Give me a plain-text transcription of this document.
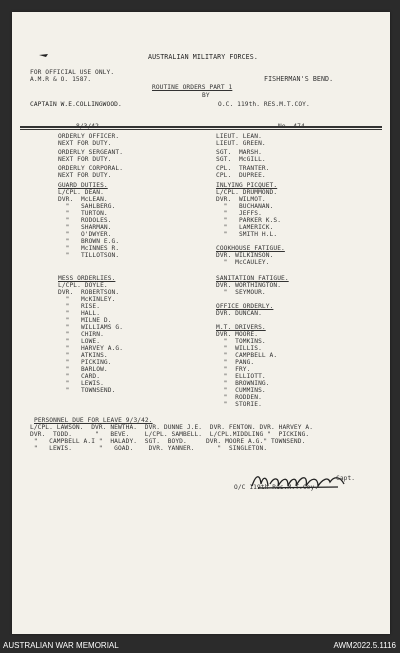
AUSTRALIAN MILITARY FORCES.
FOR OFFICIAL USE ONLY.
A.M.R & O. 1587.
ROUTINE ORDERS PART 1
BY
FISHERMAN'S BEND.
CAPTAIN W.E.COLLINGWOOD.	O.C. 119th. RES.M.T.COY.
ORDERLY OFFICER.
NEXT FOR DUTY.
ORDERLY SERGEANT.
NEXT FOR DUTY.
ORDERLY CORPORAL.
NEXT FOR DUTY.
GUARD DUTIES.
L/CPL. DEAN.
DVR.  McLEAN.
"   SAHLBERG.
"   TURTON.
"   RODOLES.
"   SHARMAN.
"   O'DWYER.
"   BROWN E.G.
"   McINNES R.
"   TILLOTSON.
MESS ORDERLIES.
L/CPL. DOYLE.
DVR.  ROBERTSON.
"   McKINLEY.
"   RISE.
"   HALL.
"   MILNE D.
"   WILLIAMS G.
"   CHIRN.
"   LOWE.
"   HARVEY A.G.
"   ATKINS.
"   PICKING.
"   BARLOW.
"   CARD.
"   LEWIS.
"   TOWNSEND.
LIEUT. LEAN.
LIEUT. GREEN.
SGT.  MARSH.
SGT.  McGILL.
CPL.  TRANTER.
CPL.  DUPREE.
INLYING PICQUET.
L/CPL. DRUMMOND.
DVR.  WILMOT.
"   BUCHANAN.
"   JEFFS.
"   PARKER K.S.
"   LAMERICK.
"   SMITH H.L.
COOKHOUSE FATIGUE.
DVR. WILKINSON.
"  McCAULEY.
SANITATION FATIGUE.
DVR. WORTHINGTON.
"  SEYMOUR.
OFFICE ORDERLY.
DVR. DUNCAN.
M.T. DRIVERS.
DVR. MOORE.
"  TOMKINS.
"  WILLIS.
"  CAMPBELL A.
"  PANG.
"  FRY.
"  ELLIOTT.
"  BROWNING.
"  CUMMINS.
"  RODDEN.
"  STORIE.
PERSONNEL DUE FOR LEAVE 9/3/42.
L/CPL. LAWSON.  DVR. NEWTHA.  DVR. DUNNE J.E.  DVR. FENTON. DVR. HARVEY A.
DVR.  TODD.      "   BEVE.    L/CPL. SAMBELL.  L/CPL.MIDDLING "  PICKING.
"   CAMPBELL A.I "  HALADY.  SGT.  BOYD.     DVR. MOORE A.G." TOWNSEND.
"   LEWIS.       "   GOAD.    DVR. YANNER.      "  SINGLETON.
Capt.
O/C 119th Res.M.T.Coy.
AUSTRALIAN WAR MEMORIAL	AWM2022.5.1116
